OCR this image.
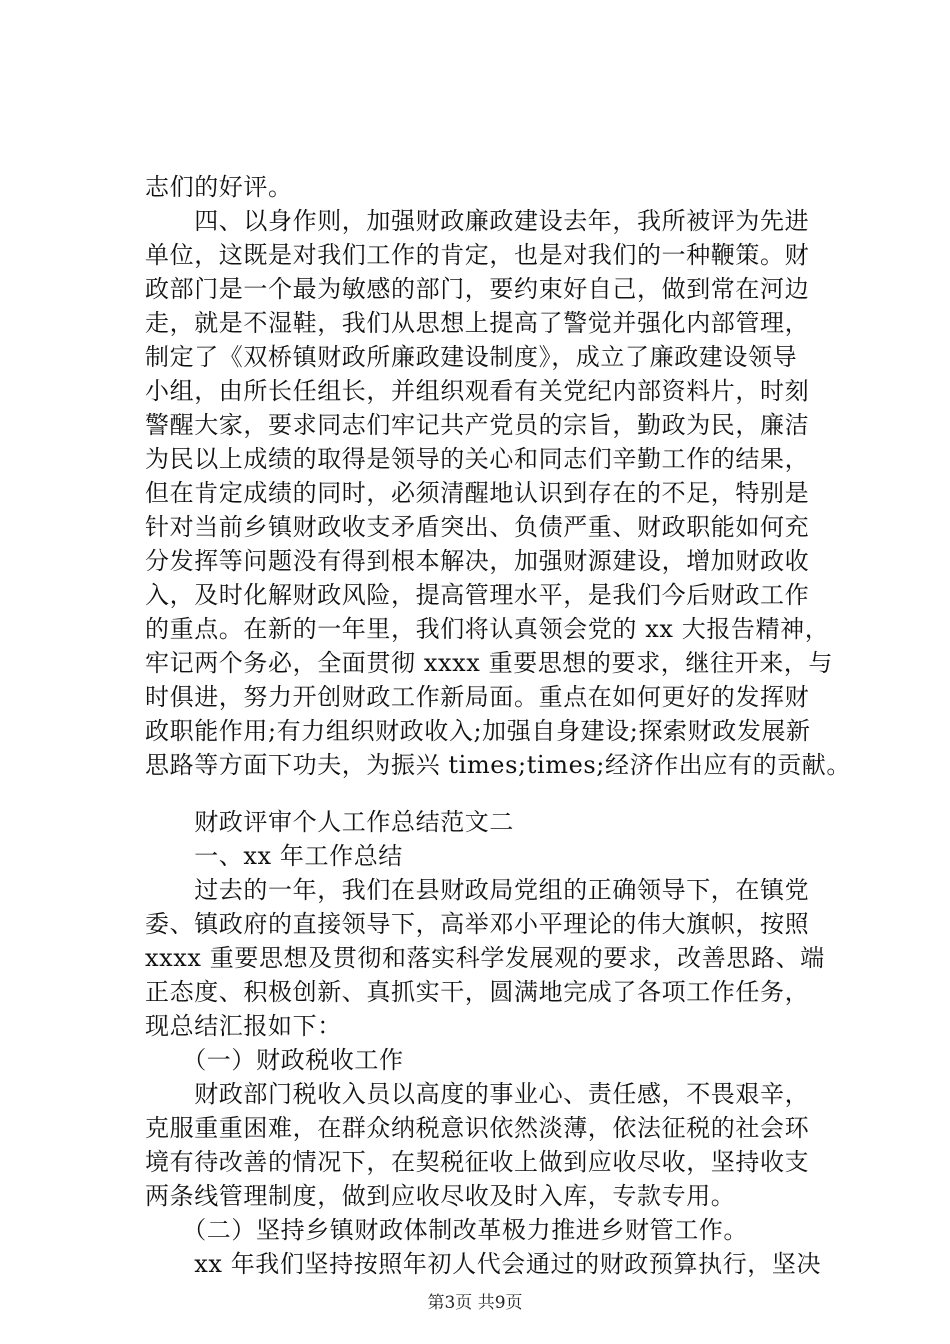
志们的好评。
　　四、以身作则，加强财政廉政建设去年，我所被评为先进
单位，这既是对我们工作的肯定，也是对我们的一种鞭策。财
政部门是一个最为敏感的部门，要约束好自己，做到常在河边
走，就是不湿鞋，我们从思想上提高了警觉并强化内部管理，
制定了《双桥镇财政所廉政建设制度》，成立了廉政建设领导
小组，由所长任组长，并组织观看有关党纪内部资料片，时刻
警醒大家，要求同志们牢记共产党员的宗旨，勤政为民，廉洁
为民以上成绩的取得是领导的关心和同志们辛勤工作的结果，
但在肯定成绩的同时，必须清醒地认识到存在的不足，特别是
针对当前乡镇财政收支矛盾突出、负债严重、财政职能如何充
分发挥等问题没有得到根本解决，加强财源建设，增加财政收
入，及时化解财政风险，提高管理水平，是我们今后财政工作
的重点。在新的一年里，我们将认真领会党的 xx 大报告精神，
牢记两个务必，全面贯彻 xxxx 重要思想的要求，继往开来，与
时俱进，努力开创财政工作新局面。重点在如何更好的发挥财
政职能作用;有力组织财政收入;加强自身建设;探索财政发展新
思路等方面下功夫，为振兴 times;times;经济作出应有的贡献。
　　财政评审个人工作总结范文二
　　一、xx 年工作总结
　　过去的一年，我们在县财政局党组的正确领导下，在镇党
委、镇政府的直接领导下，高举邓小平理论的伟大旗帜，按照
xxxx 重要思想及贯彻和落实科学发展观的要求，改善思路、端
正态度、积极创新、真抓实干，圆满地完成了各项工作任务，
现总结汇报如下：
　　（一）财政税收工作
　　财政部门税收入员以高度的事业心、责任感，不畏艰辛，
克服重重困难，在群众纳税意识依然淡薄，依法征税的社会环
境有待改善的情况下，在契税征收上做到应收尽收，坚持收支
两条线管理制度，做到应收尽收及时入库，专款专用。
　　（二）坚持乡镇财政体制改革极力推进乡财管工作。
　　xx 年我们坚持按照年初人代会通过的财政预算执行，坚决
第3页 共9页
